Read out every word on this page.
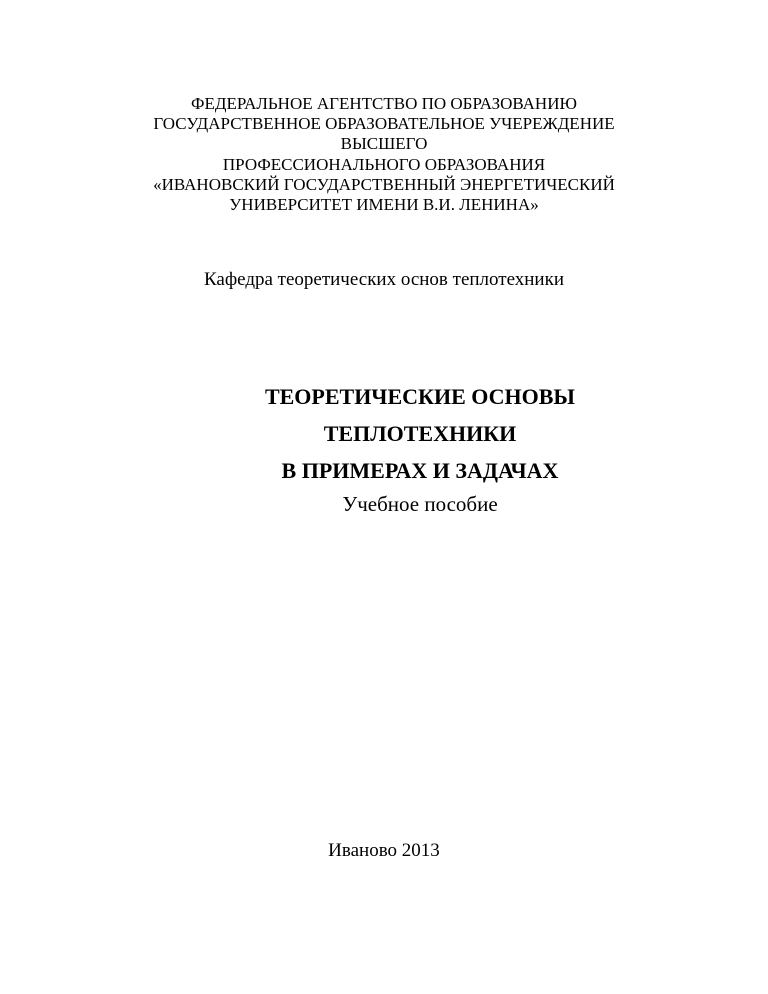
ФЕДЕРАЛЬНОЕ АГЕНТСТВО ПО ОБРАЗОВАНИЮ
ГОСУДАРСТВЕННОЕ ОБРАЗОВАТЕЛЬНОЕ УЧЕРЕЖДЕНИЕ
ВЫСШЕГО
ПРОФЕССИОНАЛЬНОГО ОБРАЗОВАНИЯ
«ИВАНОВСКИЙ ГОСУДАРСТВЕННЫЙ ЭНЕРГЕТИЧЕСКИЙ
УНИВЕРСИТЕТ ИМЕНИ В.И. ЛЕНИНА»
Кафедра теоретических основ теплотехники
ТЕОРЕТИЧЕСКИЕ ОСНОВЫ
ТЕПЛОТЕХНИКИ
В ПРИМЕРАХ И ЗАДАЧАХ
Учебное пособие
Иваново 2013
